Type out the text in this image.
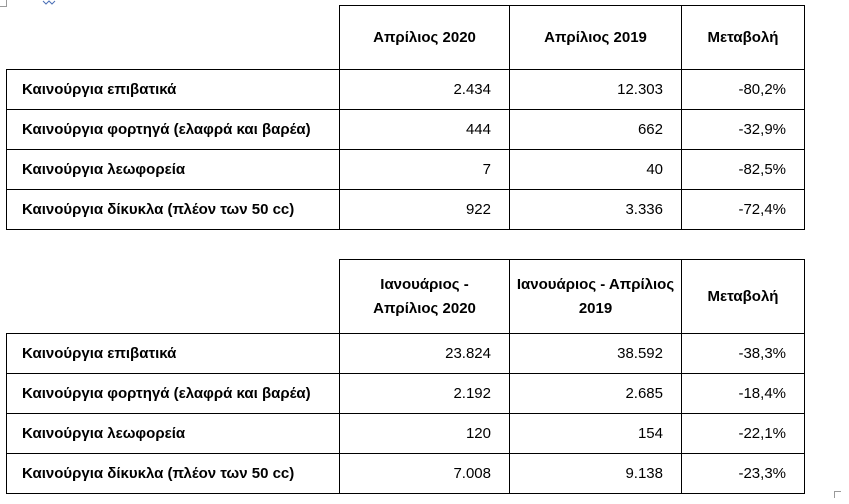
	Απρίλιος 2020	Απρίλιος 2019	Μεταβολή
Καινούργια επιβατικά	2.434	12.303	-80,2%
Καινούργια φορτηγά (ελαφρά και βαρέα)	444	662	-32,9%
Καινούργια λεωφορεία	7	40	-82,5%
Καινούργια δίκυκλα (πλέον των 50 cc)	922	3.336	-72,4%
	Ιανουάριος - Απρίλιος 2020	Ιανουάριος - Απρίλιος 2019	Μεταβολή
Καινούργια επιβατικά	23.824	38.592	-38,3%
Καινούργια φορτηγά (ελαφρά και βαρέα)	2.192	2.685	-18,4%
Καινούργια λεωφορεία	120	154	-22,1%
Καινούργια δίκυκλα (πλέον των 50 cc)	7.008	9.138	-23,3%
